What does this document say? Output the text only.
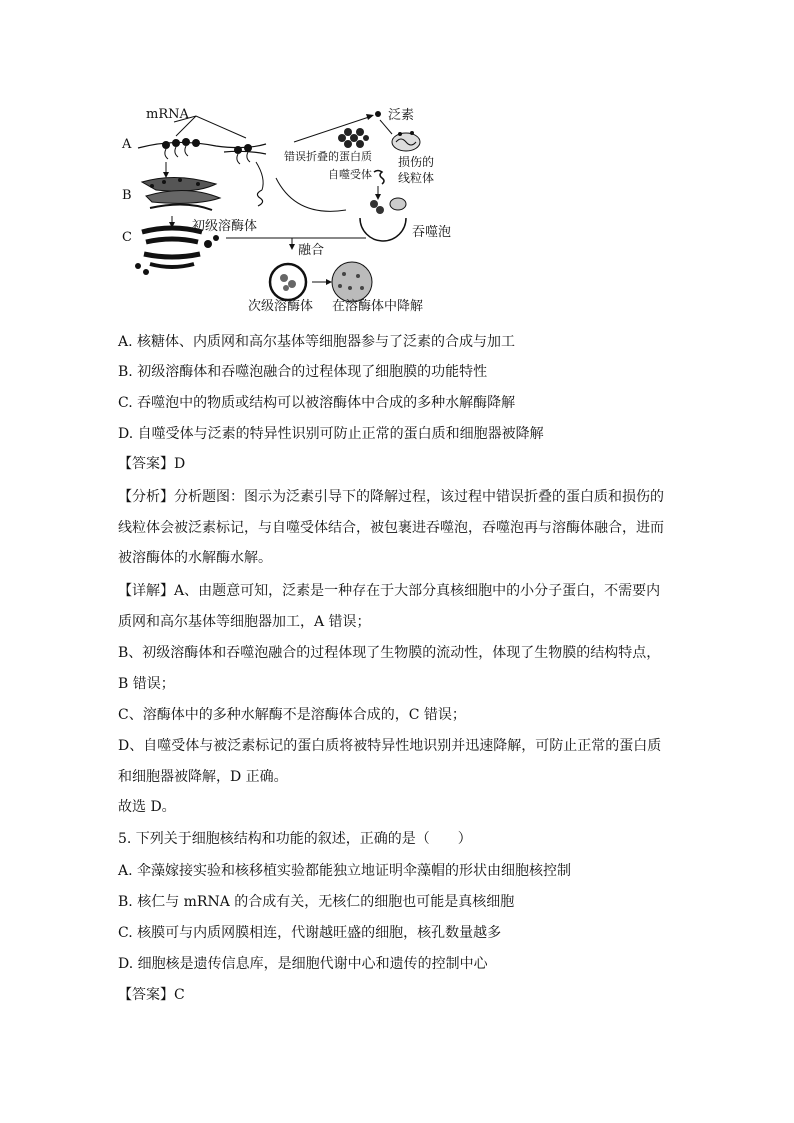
mRNA
A
B
C
泛素
错误折叠的蛋白质 损伤的
线粒体
自噬受体
吞噬泡
初级溶酶体
融合
次级溶酶体 在溶酶体中降解
A. 核糖体、内质网和高尔基体等细胞器参与了泛素的合成与加工
B. 初级溶酶体和吞噬泡融合的过程体现了细胞膜的功能特性
C. 吞噬泡中的物质或结构可以被溶酶体中合成的多种水解酶降解
D. 自噬受体与泛素的特异性识别可防止正常的蛋白质和细胞器被降解
【答案】D
【分析】分析题图：图示为泛素引导下的降解过程，该过程中错误折叠的蛋白质和损伤的
线粒体会被泛素标记，与自噬受体结合，被包裹进吞噬泡，吞噬泡再与溶酶体融合，进而
被溶酶体的水解酶水解。
【详解】A、由题意可知，泛素是一种存在于大部分真核细胞中的小分子蛋白，不需要内
质网和高尔基体等细胞器加工，A 错误；
B、初级溶酶体和吞噬泡融合的过程体现了生物膜的流动性，体现了生物膜的结构特点，
B 错误；
C、溶酶体中的多种水解酶不是溶酶体合成的，C 错误；
D、自噬受体与被泛素标记的蛋白质将被特异性地识别并迅速降解，可防止正常的蛋白质
和细胞器被降解，D 正确。
故选 D。
5. 下列关于细胞核结构和功能的叙述，正确的是（　　）
A. 伞藻嫁接实验和核移植实验都能独立地证明伞藻帽的形状由细胞核控制
B. 核仁与 mRNA 的合成有关，无核仁的细胞也可能是真核细胞
C. 核膜可与内质网膜相连，代谢越旺盛的细胞，核孔数量越多
D. 细胞核是遗传信息库，是细胞代谢中心和遗传的控制中心
【答案】C
